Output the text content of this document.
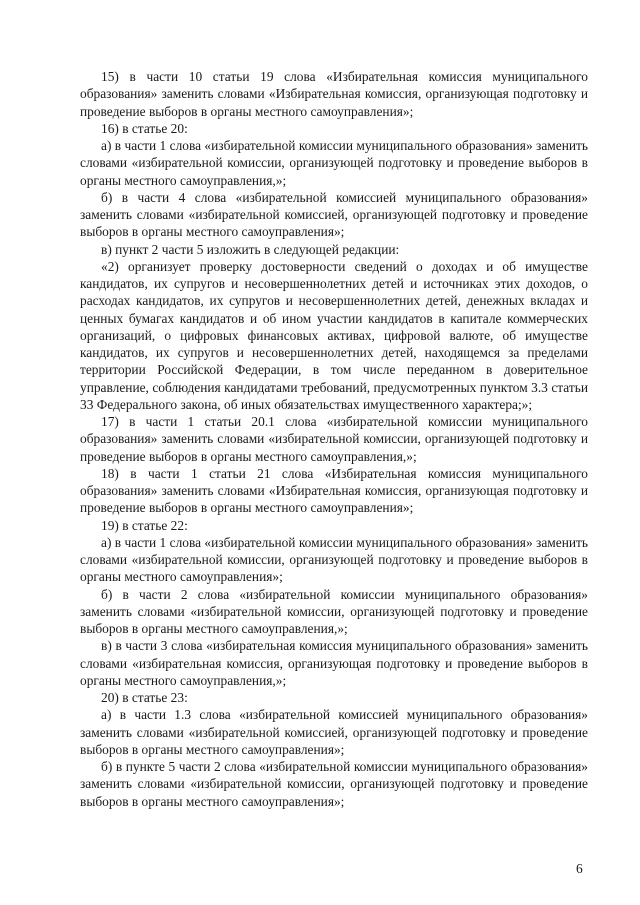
15) в части 10 статьи 19 слова «Избирательная комиссия муниципального образования» заменить словами «Избирательная комиссия, организующая подготовку и проведение выборов в органы местного самоуправления»;

16) в статье 20:

а) в части 1 слова «избирательной комиссии муниципального образования» заменить словами «избирательной комиссии, организующей подготовку и проведение выборов в органы местного самоуправления,»;

б) в части 4 слова «избирательной комиссией муниципального образования» заменить словами «избирательной комиссией, организующей подготовку и проведение выборов в органы местного самоуправления»;

в) пункт 2 части 5 изложить в следующей редакции:

«2) организует проверку достоверности сведений о доходах и об имуществе кандидатов, их супругов и несовершеннолетних детей и источниках этих доходов, о расходах кандидатов, их супругов и несовершеннолетних детей, денежных вкладах и ценных бумагах кандидатов и об ином участии кандидатов в капитале коммерческих организаций, о цифровых финансовых активах, цифровой валюте, об имуществе кандидатов, их супругов и несовершеннолетних детей, находящемся за пределами территории Российской Федерации, в том числе переданном в доверительное управление, соблюдения кандидатами требований, предусмотренных пунктом 3.3 статьи 33 Федерального закона, об иных обязательствах имущественного характера;»;

17) в части 1 статьи 20.1 слова «избирательной комиссии муниципального образования» заменить словами «избирательной комиссии, организующей подготовку и проведение выборов в органы местного самоуправления,»;

18) в части 1 статьи 21 слова «Избирательная комиссия муниципального образования» заменить словами «Избирательная комиссия, организующая подготовку и проведение выборов в органы местного самоуправления»;

19) в статье 22:

а) в части 1 слова «избирательной комиссии муниципального образования» заменить словами «избирательной комиссии, организующей подготовку и проведение выборов в органы местного самоуправления»;

б) в части 2 слова «избирательной комиссии муниципального образования» заменить словами «избирательной комиссии, организующей подготовку и проведение выборов в органы местного самоуправления,»;

в) в части 3 слова «избирательная комиссия муниципального образования» заменить словами «избирательная комиссия, организующая подготовку и проведение выборов в органы местного самоуправления,»;

20) в статье 23:

а) в части 1.3 слова «избирательной комиссией муниципального образования» заменить словами «избирательной комиссией, организующей подготовку и проведение выборов в органы местного самоуправления»;

б) в пункте 5 части 2 слова «избирательной комиссии муниципального образования» заменить словами «избирательной комиссии, организующей подготовку и проведение выборов в органы местного самоуправления»;

6
